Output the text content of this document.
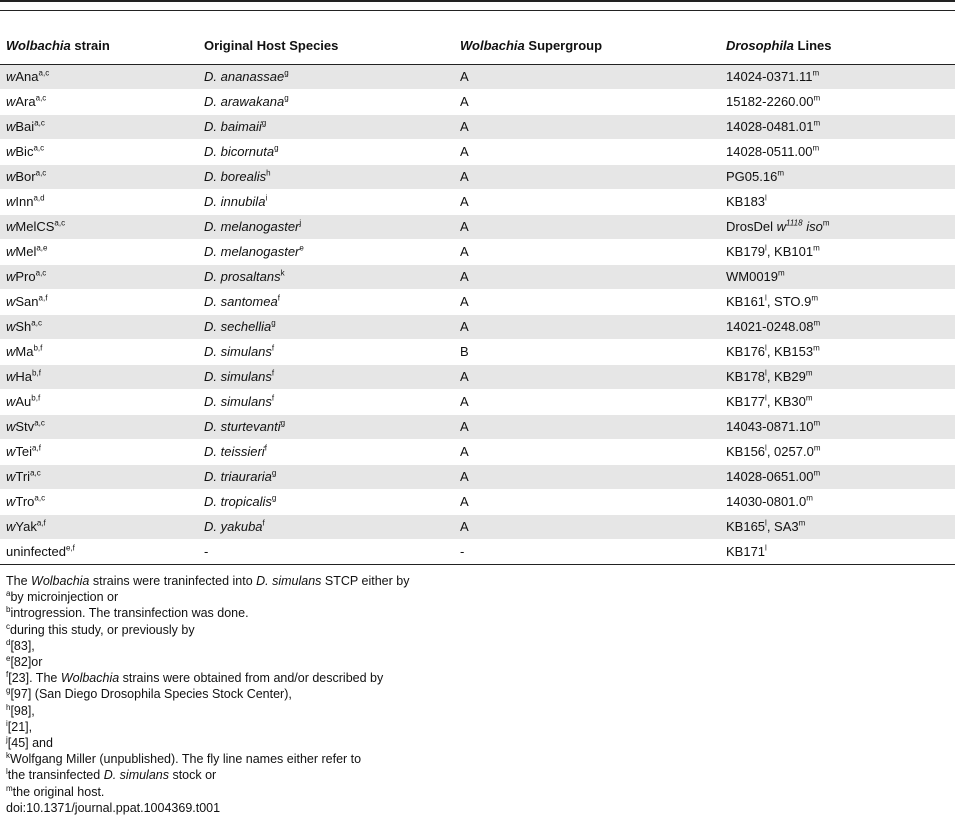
Wolbachia strain	Original Host Species	Wolbachia Supergroup	Drosophila Lines
wAna$^{a,c}$	D. ananassae$^g$	A	14024-0371.11$^m$
wAra$^{a,c}$	D. arawakana$^g$	A	15182-2260.00$^m$
wBai$^{a,c}$	D. baimaii$^g$	A	14028-0481.01$^m$
wBic$^{a,c}$	D. bicornuta$^g$	A	14028-0511.00$^m$
wBor$^{a,c}$	D. borealis$^h$	A	PG05.16$^m$
wInn$^{a,d}$	D. innubila$^i$	A	KB183$^l$
wMelCS$^{a,c}$	D. melanogaster$^j$	A	DrosDel $w^{1118}$ iso$^m$
wMel$^{a,e}$	D. melanogaster$^e$	A	KB179$^l$, KB101$^m$
wPro$^{a,c}$	D. prosaltans$^k$	A	WM0019$^m$
wSan$^{a,f}$	D. santomea$^f$	A	KB161$^l$, STO.9$^m$
wSh$^{a,c}$	D. sechellia$^g$	A	14021-0248.08$^m$
wMa$^{b,f}$	D. simulans$^f$	B	KB176$^l$, KB153$^m$
wHa$^{b,f}$	D. simulans$^f$	A	KB178$^l$, KB29$^m$
wAu$^{b,f}$	D. simulans$^f$	A	KB177$^l$, KB30$^m$
wStv$^{a,c}$	D. sturtevanti$^g$	A	14043-0871.10$^m$
wTei$^{a,f}$	D. teissieri$^f$	A	KB156$^l$, 0257.0$^m$
wTri$^{a,c}$	D. triauraria$^g$	A	14028-0651.00$^m$
wTro$^{a,c}$	D. tropicalis$^g$	A	14030-0801.0$^m$
wYak$^{a,f}$	D. yakuba$^f$	A	KB165$^l$, SA3$^m$
uninfected$^{e,f}$	-	-	KB171$^l$
The Wolbachia strains were traninfected into D. simulans STCP either by
$^a$by microinjection or
$^b$introgression. The transinfection was done.
$^c$during this study, or previously by
$^d$[83],
$^e$[82]or
$^f$[23]. The Wolbachia strains were obtained from and/or described by
$^g$[97] (San Diego Drosophila Species Stock Center),
$^h$[98],
$^i$[21],
$^j$[45] and
$^k$Wolfgang Miller (unpublished). The fly line names either refer to
$^l$the transinfected D. simulans stock or
$^m$the original host.
doi:10.1371/journal.ppat.1004369.t001
